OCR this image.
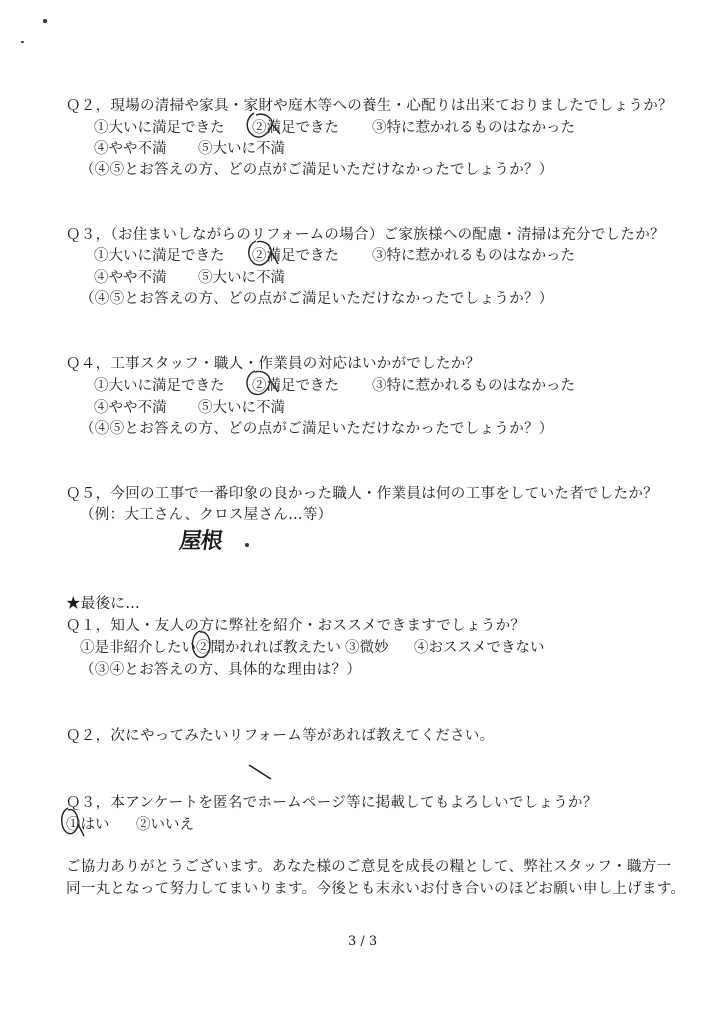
Ｑ２，現場の清掃や家具・家財や庭木等への養生・心配りは出来ておりましたでしょうか？
①大いに満足できた ②満足できた ③特に惹かれるものはなかった
④やや不満 ⑤大いに不満
（④⑤とお答えの方、どの点がご満足いただけなかったでしょうか？）
Ｑ３，（お住まいしながらのリフォームの場合）ご家族様への配慮・清掃は充分でしたか？
①大いに満足できた ②満足できた ③特に惹かれるものはなかった
④やや不満 ⑤大いに不満
（④⑤とお答えの方、どの点がご満足いただけなかったでしょうか？）
Ｑ４，工事スタッフ・職人・作業員の対応はいかがでしたか？
①大いに満足できた ②満足できた ③特に惹かれるものはなかった
④やや不満 ⑤大いに不満
（④⑤とお答えの方、どの点がご満足いただけなかったでしょうか？）
Ｑ５，今回の工事で一番印象の良かった職人・作業員は何の工事をしていた者でしたか？
（例：大工さん、クロス屋さん…等）
屋根
★最後に…
Ｑ１，知人・友人の方に弊社を紹介・おススメできますでしょうか？
①是非紹介したい ②聞かれれば教えたい ③微妙 ④おススメできない
（③④とお答えの方、具体的な理由は？）
Ｑ２，次にやってみたいリフォーム等があれば教えてください。
Ｑ３，本アンケートを匿名でホームページ等に掲載してもよろしいでしょうか？
①はい ②いいえ
ご協力ありがとうございます。あなた様のご意見を成長の糧として、弊社スタッフ・職方一
同一丸となって努力してまいります。今後とも末永いお付き合いのほどお願い申し上げます。
3 / 3
